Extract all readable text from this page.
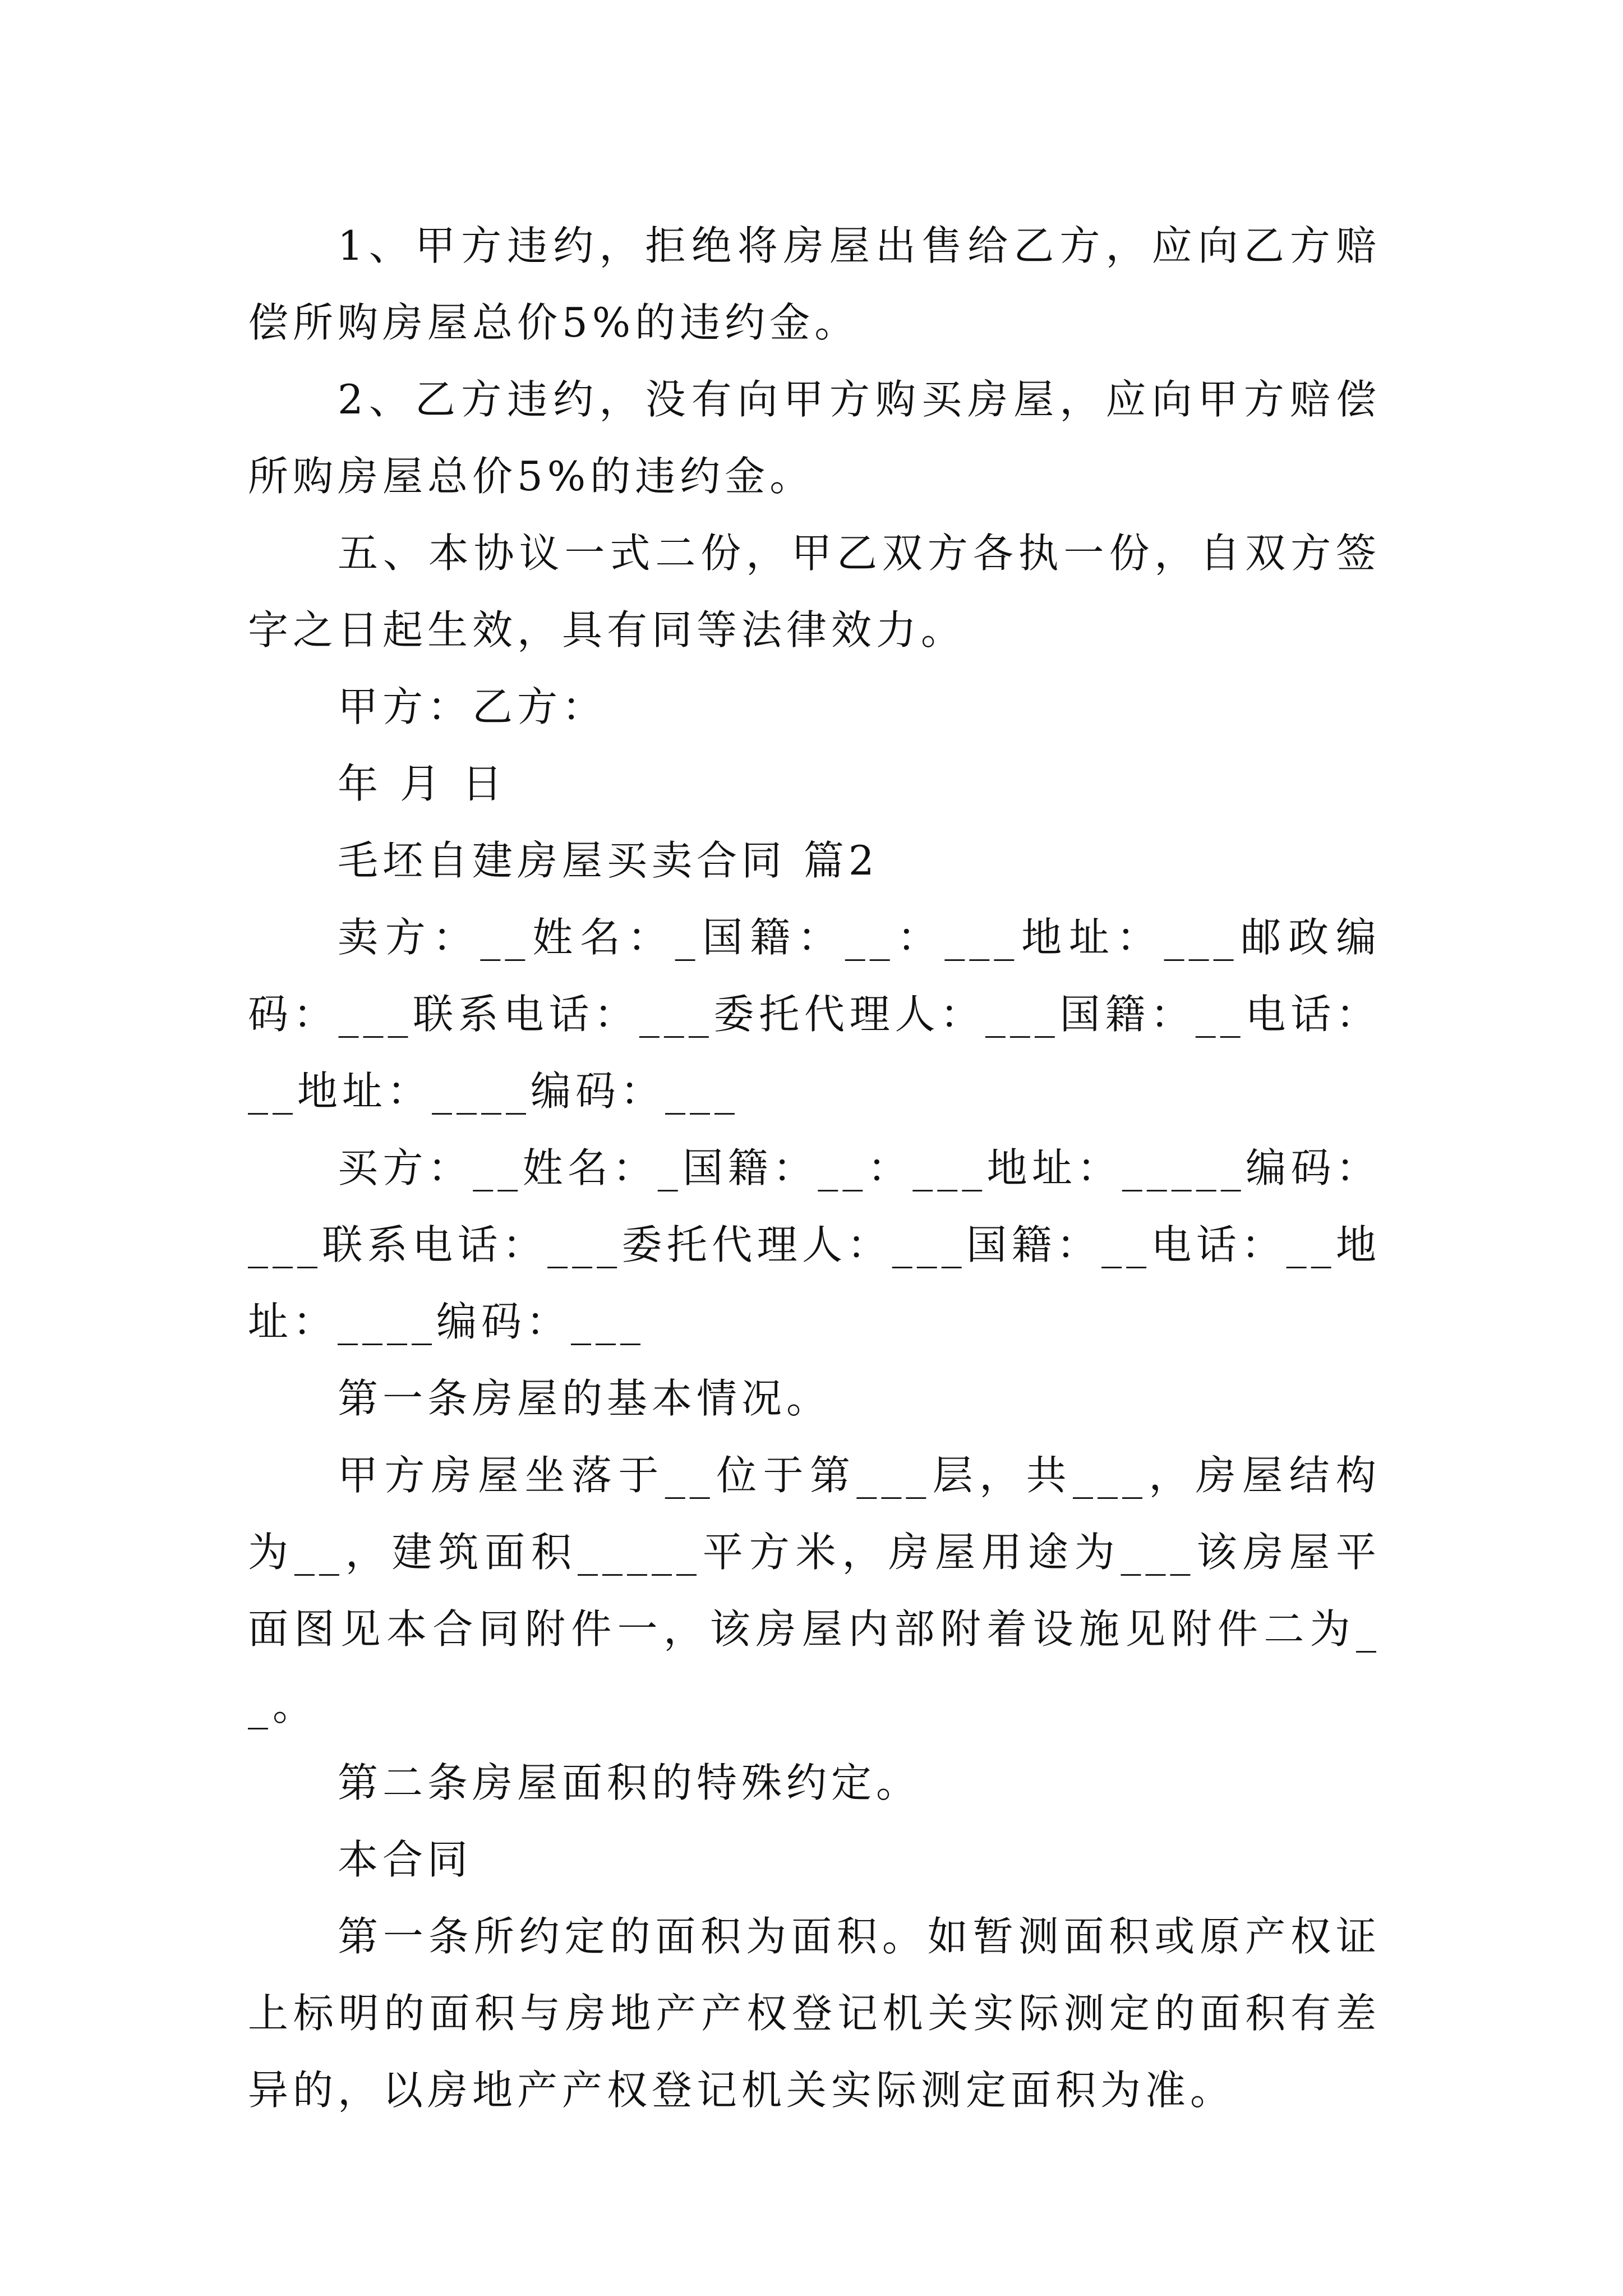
1、甲方违约，拒绝将房屋出售给乙方，应向乙方赔偿所购房屋总价5%的违约金。

2、乙方违约，没有向甲方购买房屋，应向甲方赔偿所购房屋总价5%的违约金。

五、本协议一式二份，甲乙双方各执一份，自双方签字之日起生效，具有同等法律效力。

甲方：乙方：

年 月 日

毛坯自建房屋买卖合同 篇2

卖方：__姓名：_国籍：__：___地址：___邮政编码：___联系电话：___委托代理人：___国籍：__电话：__地址：____编码：___

买方：__姓名：_国籍：__：___地址：_____编码：___联系电话：___委托代理人：___国籍：__电话：__地址：____编码：___

第一条房屋的基本情况。

甲方房屋坐落于__位于第___层，共___，房屋结构为__，建筑面积_____平方米，房屋用途为___该房屋平面图见本合同附件一，该房屋内部附着设施见附件二为__。

第二条房屋面积的特殊约定。

本合同

第一条所约定的面积为面积。如暂测面积或原产权证上标明的面积与房地产产权登记机关实际测定的面积有差异的，以房地产产权登记机关实际测定面积为准。
